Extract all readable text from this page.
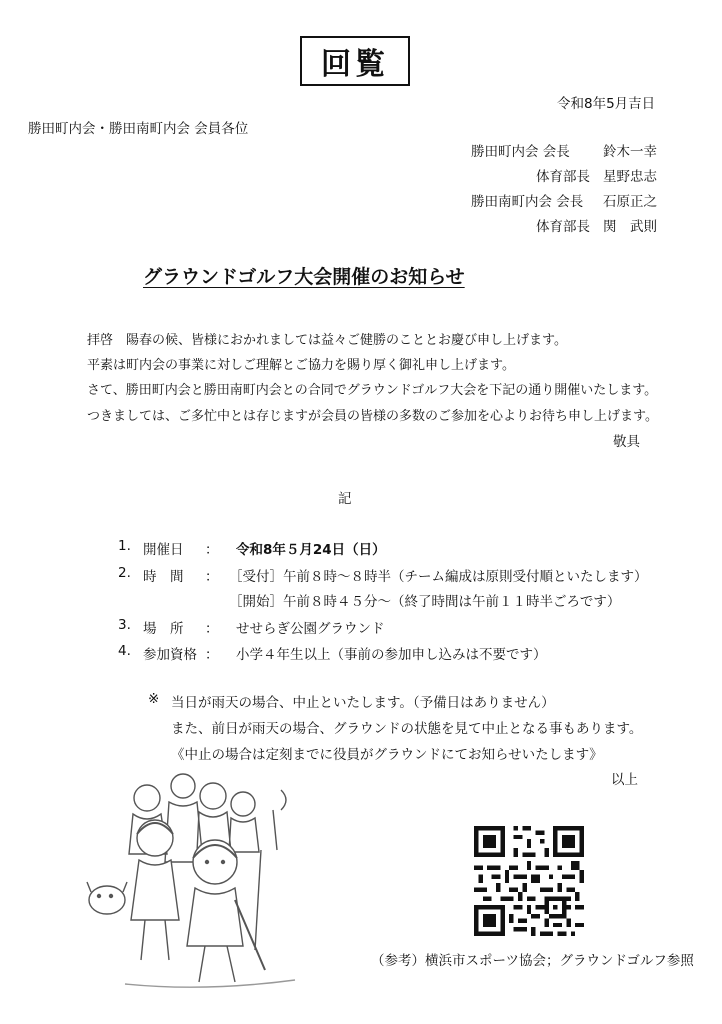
回覧
令和8年5月吉日
勝田町内会・勝田南町内会 会員各位
勝田町内会 会長 鈴木一幸
体育部長 星野忠志
勝田南町内会 会長 石原正之
体育部長 関　武則
グラウンドゴルフ大会開催のお知らせ
拝啓　陽春の候、皆様におかれましては益々ご健勝のこととお慶び申し上げます。
平素は町内会の事業に対しご理解とご協力を賜り厚く御礼申し上げます。
さて、勝田町内会と勝田南町内会との合同でグラウンドゴルフ大会を下記の通り開催いたします。
つきましては、ご多忙中とは存じますが会員の皆様の多数のご参加を心よりお待ち申し上げます。
敬具
記
1. 開催日 ： 令和8年５月24日（日）
2. 時　間 ： ［受付］午前８時～８時半（チーム編成は原則受付順といたします）
［開始］午前８時４５分～（終了時間は午前１１時半ごろです）
3. 場　所 ： せせらぎ公園グラウンド
4. 参加資格 ： 小学４年生以上（事前の参加申し込みは不要です）
※ 当日が雨天の場合、中止といたします。（予備日はありません）
また、前日が雨天の場合、グラウンドの状態を見て中止となる事もあります。
《中止の場合は定刻までに役員がグラウンドにてお知らせいたします》
以上
（参考）横浜市スポーツ協会；グラウンドゴルフ参照
